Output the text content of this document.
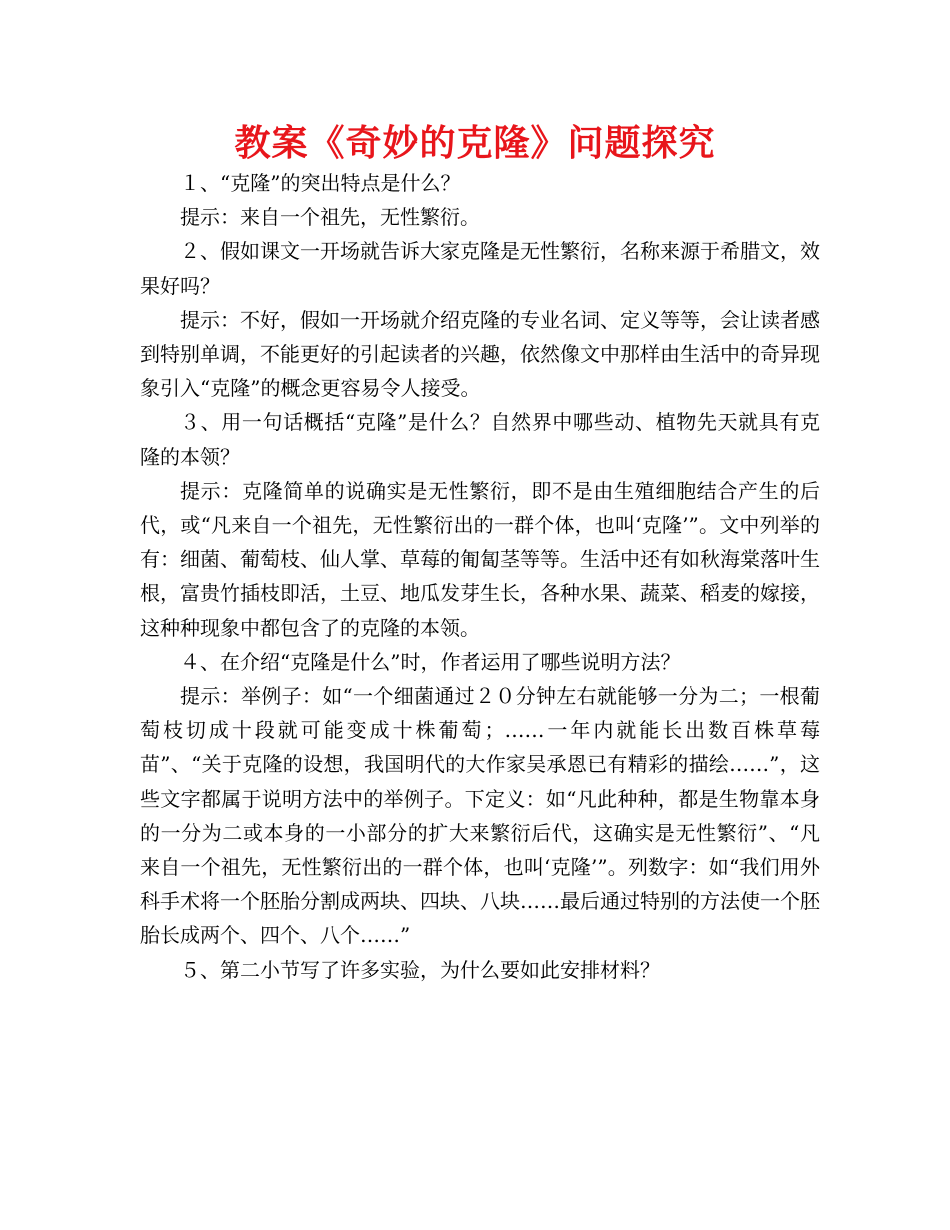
教案《奇妙的克隆》问题探究

１、“克隆”的突出特点是什么？

提示：来自一个祖先，无性繁衍。

２、假如课文一开场就告诉大家克隆是无性繁衍，名称来源于希腊文，效果好吗？

提示：不好，假如一开场就介绍克隆的专业名词、定义等等，会让读者感到特别单调，不能更好的引起读者的兴趣，依然像文中那样由生活中的奇异现象引入“克隆”的概念更容易令人接受。

３、用一句话概括“克隆”是什么？自然界中哪些动、植物先天就具有克隆的本领？

提示：克隆简单的说确实是无性繁衍，即不是由生殖细胞结合产生的后代，或“凡来自一个祖先，无性繁衍出的一群个体，也叫‘克隆’”。文中列举的有：细菌、葡萄枝、仙人掌、草莓的匍匐茎等等。生活中还有如秋海棠落叶生根，富贵竹插枝即活，土豆、地瓜发芽生长，各种水果、蔬菜、稻麦的嫁接，这种种现象中都包含了的克隆的本领。

４、在介绍“克隆是什么”时，作者运用了哪些说明方法？

提示：举例子：如“一个细菌通过２０分钟左右就能够一分为二；一根葡萄枝切成十段就可能变成十株葡萄；……一年内就能长出数百株草莓苗”、“关于克隆的设想，我国明代的大作家吴承恩已有精彩的描绘……”，这些文字都属于说明方法中的举例子。下定义：如“凡此种种，都是生物靠本身的一分为二或本身的一小部分的扩大来繁衍后代，这确实是无性繁衍”、“凡来自一个祖先，无性繁衍出的一群个体，也叫‘克隆’”。列数字：如“我们用外科手术将一个胚胎分割成两块、四块、八块……最后通过特别的方法使一个胚胎长成两个、四个、八个……”

５、第二小节写了许多实验，为什么要如此安排材料？
